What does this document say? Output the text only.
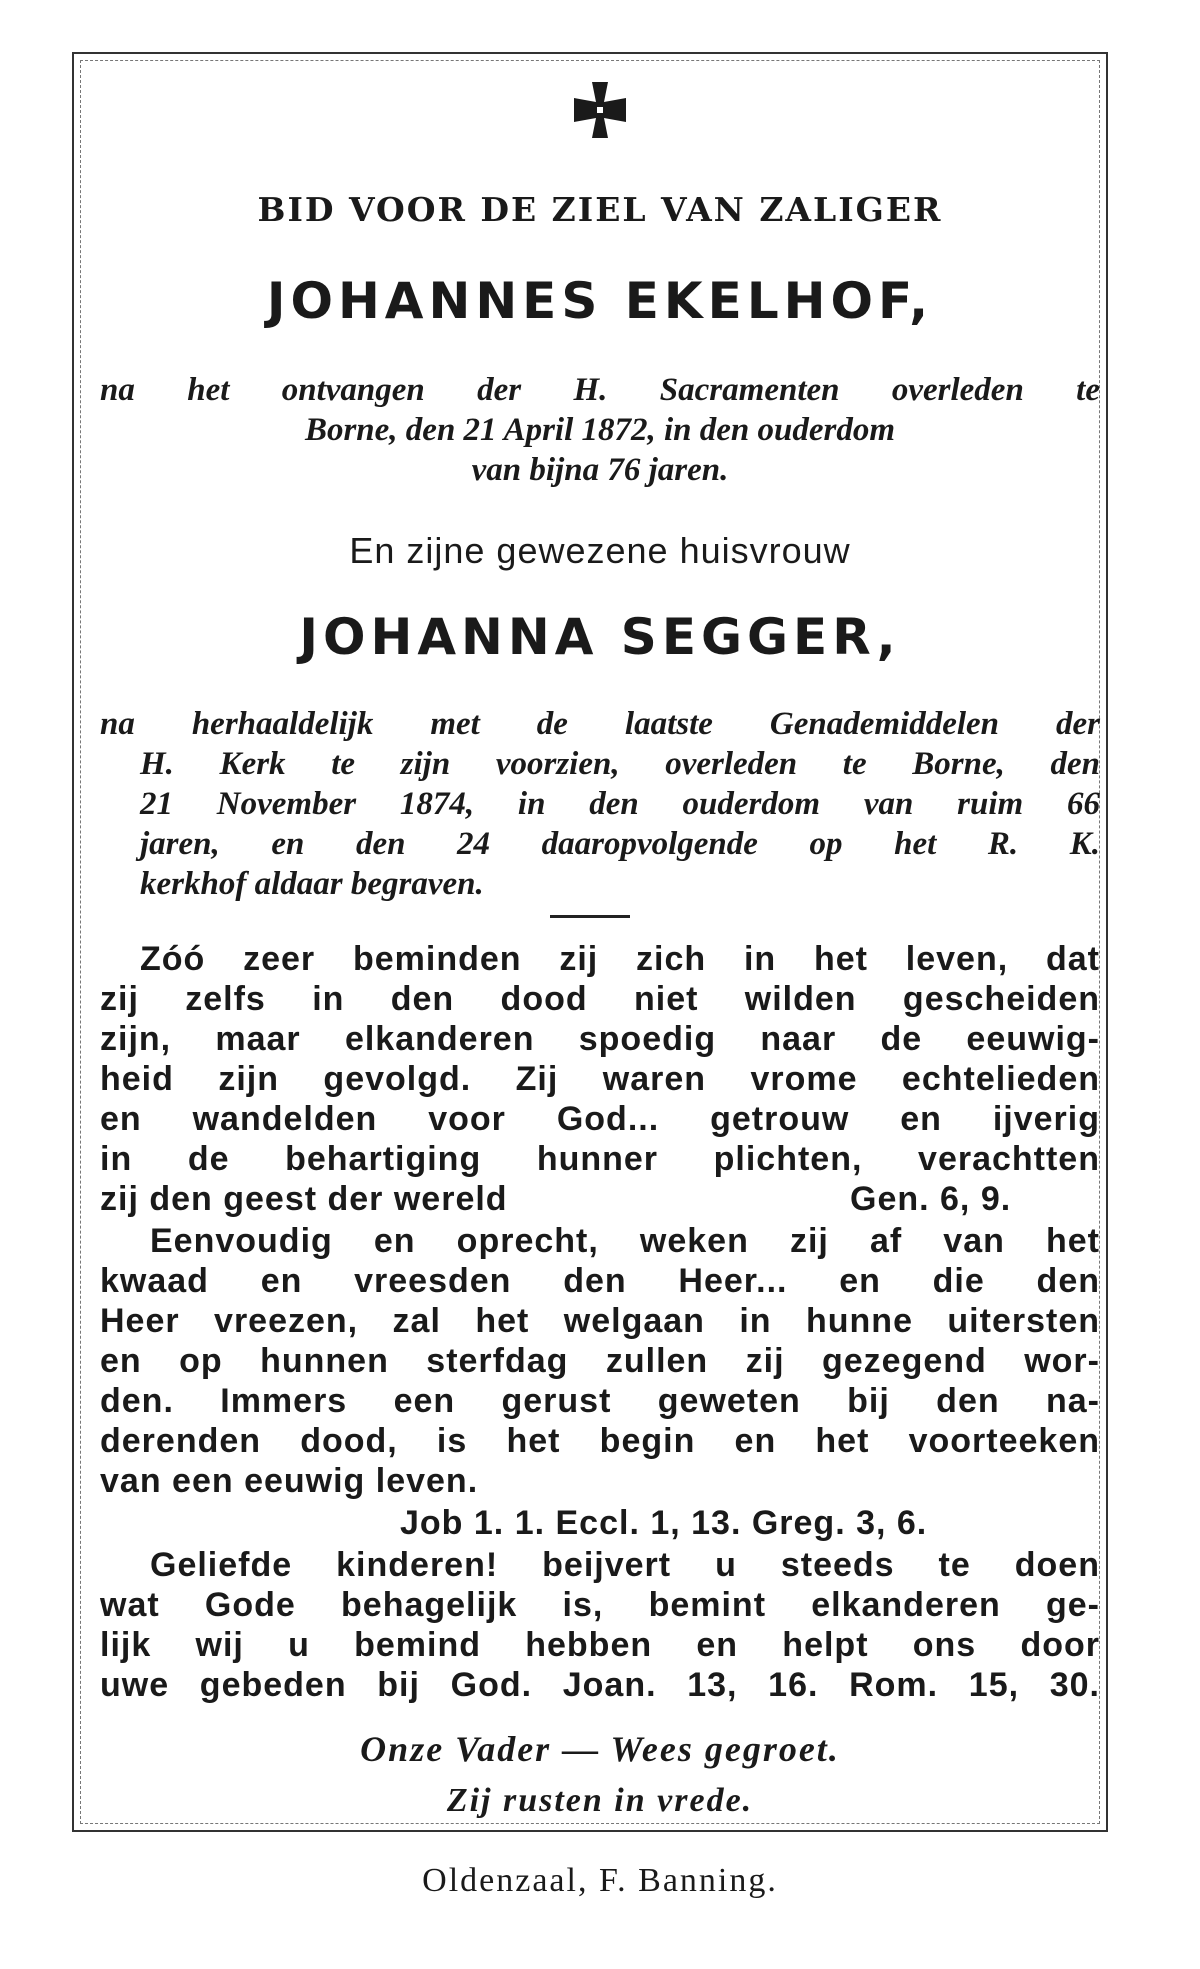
BID VOOR DE ZIEL VAN ZALIGER

JOHANNES EKELHOF,

na het ontvangen der H. Sacramenten overleden te

Borne, den 21 April 1872, in den ouderdom

van bijna 76 jaren.

En zijne gewezene huisvrouw

JOHANNA SEGGER,

na herhaaldelijk met de laatste Genademiddelen der

H. Kerk te zijn voorzien, overleden te Borne, den

21 November 1874, in den ouderdom van ruim 66

jaren, en den 24 daaropvolgende op het R. K.

kerkhof aldaar begraven.

Zóó zeer beminden zij zich in het leven, dat

zij zelfs in den dood niet wilden gescheiden

zijn, maar elkanderen spoedig naar de eeuwig-

heid zijn gevolgd. Zij waren vrome echtelieden

en wandelden voor God... getrouw en ijverig

in de behartiging hunner plichten, verachtten

zij den geest der wereld	Gen. 6, 9.

Eenvoudig en oprecht, weken zij af van het

kwaad en vreesden den Heer... en die den

Heer vreezen, zal het welgaan in hunne uitersten

en op hunnen sterfdag zullen zij gezegend wor-

den. Immers een gerust geweten bij den na-

derenden dood, is het begin en het voorteeken

van een eeuwig leven.

Job 1. 1. Eccl. 1, 13. Greg. 3, 6.

Geliefde kinderen! beijvert u steeds te doen

wat Gode behagelijk is, bemint elkanderen ge-

lijk wij u bemind hebben en helpt ons door

uwe gebeden bij God. Joan. 13, 16. Rom. 15, 30.

Onze Vader — Wees gegroet.

Zij rusten in vrede.

Oldenzaal, F. Banning.
